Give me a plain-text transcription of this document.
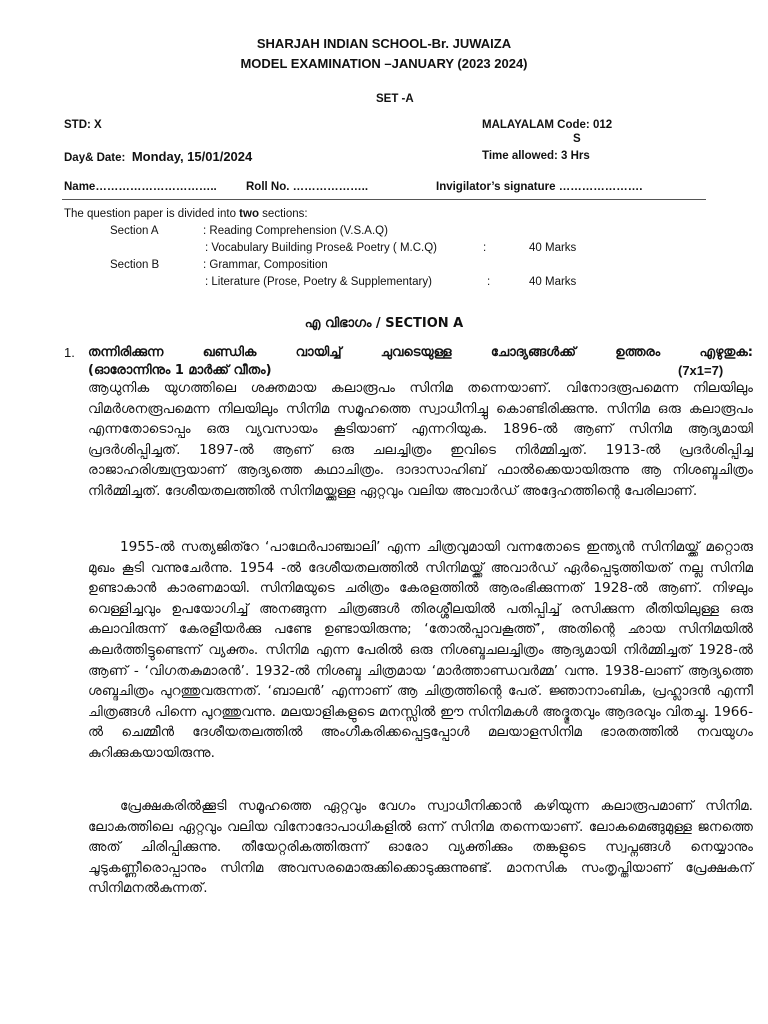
SHARJAH INDIAN SCHOOL-Br. JUWAIZA
MODEL EXAMINATION –JANUARY (2023 2024)
SET -A
STD: X	MALAYALAM Code: 012
S
Day& Date: Monday, 15/01/2024	Time allowed: 3 Hrs
Name…………………………..	Roll No. ………………..	Invigilator’s signature ………………….
The question paper is divided into two sections:
Section A	: Reading Comprehension (V.S.A.Q)
: Vocabulary Building Prose& Poetry ( M.C.Q)	:	40 Marks
Section B	: Grammar, Composition
: Literature (Prose, Poetry & Supplementary)	:	40 Marks
എ വിഭാഗം / SECTION A
1. തന്നിരിക്കുന്ന ഖണ്ഡിക വായിച്ച് ചുവടെയുള്ള ചോദ്യങ്ങൾക്ക് ഉത്തരം എഴുതുക:
(ഓരോന്നിനും 1 മാർക്ക് വീതം)	(7x1=7)
ആധുനിക യുഗത്തിലെ ശക്തമായ കലാരൂപം സിനിമ തന്നെയാണ്. വിനോദരൂപമെന്ന നിലയിലും വിമർശനരൂപമെന്ന നിലയിലും സിനിമ സമൂഹത്തെ സ്വാധീനിച്ചു കൊണ്ടിരിക്കുന്നു. സിനിമ ഒരു കലാരൂപം എന്നതോടൊപ്പം ഒരു വ്യവസായം കൂടിയാണ് എന്നറിയുക. 1896-ൽ ആണ് സിനിമ ആദ്യമായി പ്രദർശിപ്പിച്ചത്. 1897-ൽ ആണ് ഒരു ചലച്ചിത്രം ഇവിടെ നിർമ്മിച്ചത്. 1913-ൽ പ്രദർശിപ്പിച്ച രാജാഹരിശ്ചന്ദ്രയാണ് ആദ്യത്തെ കഥാചിത്രം. ദാദാസാഹിബ് ഫാൽക്കെയായിരുന്നു ആ നിശബ്ദചിത്രം നിർമ്മിച്ചത്. ദേശീയതലത്തിൽ സിനിമയ്ക്കുള്ള ഏറ്റവും വലിയ അവാർഡ് അദ്ദേഹത്തിന്റെ പേരിലാണ്.
1955-ൽ സത്യജിത്റേ ‘പാഥേർപാഞ്ചാലി’ എന്ന ചിത്രവുമായി വന്നതോടെ ഇന്ത്യൻ സിനിമയ്ക്ക് മറ്റൊരു മുഖം കൂടി വന്നുചേർന്നു. 1954 -ൽ ദേശീയതലത്തിൽ സിനിമയ്ക്ക് അവാർഡ് ഏർപ്പെടുത്തിയത് നല്ല സിനിമ ഉണ്ടാകാൻ കാരണമായി. സിനിമയുടെ ചരിത്രം കേരളത്തിൽ ആരംഭിക്കുന്നത് 1928-ൽ ആണ്. നിഴലും വെള്ളിച്ചവും ഉപയോഗിച്ച് അനങ്ങുന്ന ചിത്രങ്ങൾ തിരശ്ശീലയിൽ പതിപ്പിച്ച് രസിക്കുന്ന രീതിയിലുള്ള ഒരു കലാവിരുന്ന് കേരളീയർക്കു പണ്ടേ ഉണ്ടായിരുന്നു; ‘തോൽപ്പാവകൂത്ത്’, അതിന്റെ ഛായ സിനിമയിൽ കലർത്തിട്ടുണ്ടെന്ന് വ്യക്തം. സിനിമ എന്ന പേരിൽ ഒരു നിശബ്ദചലച്ചിത്രം ആദ്യമായി നിർമ്മിച്ചത് 1928-ൽ ആണ് - ‘വിഗതകുമാരൻ’. 1932-ൽ നിശബ്ദ ചിത്രമായ ‘മാർത്താണ്ഡവർമ്മ’ വന്നു. 1938-ലാണ് ആദ്യത്തെ ശബ്ദചിത്രം പുറത്തുവരുന്നത്. ‘ബാലൻ’ എന്നാണ് ആ ചിത്രത്തിന്റെ പേര്. ജ്ഞാനാംബിക, പ്രഹ്ലാദൻ എന്നീ ചിത്രങ്ങൾ പിന്നെ പുറത്തുവന്നു. മലയാളികളുടെ മനസ്സിൽ ഈ സിനിമകൾ അദ്ഭുതവും ആദരവും വിതച്ചു. 1966-ൽ ചെമ്മീൻ ദേശീയതലത്തിൽ അംഗീകരിക്കപ്പെട്ടപ്പോൾ മലയാളസിനിമ ഭാരതത്തിൽ നവയുഗം കുറിക്കുകയായിരുന്നു.
പ്രേക്ഷകരിൽക്കൂടി സമൂഹത്തെ ഏറ്റവും വേഗം സ്വാധീനിക്കാൻ കഴിയുന്ന കലാരൂപമാണ് സിനിമ. ലോകത്തിലെ ഏറ്റവും വലിയ വിനോദോപാധികളിൽ ഒന്ന് സിനിമ തന്നെയാണ്. ലോകമെങ്ങുമുള്ള ജനത്തെ അത് ചിരിപ്പിക്കുന്നു. തീയേറ്റരികത്തിരുന്ന് ഓരോ വ്യക്തിക്കും തങ്കളുടെ സ്വപ്നങ്ങൾ നെയ്യാനും ചൂടുകണ്ണീരൊപ്പാനും സിനിമ അവസരമൊരുക്കിക്കൊടുക്കുന്നുണ്ട്. മാനസിക സംതൃപ്തിയാണ് പ്രേക്ഷകന് സിനിമനൽകുന്നത്.
